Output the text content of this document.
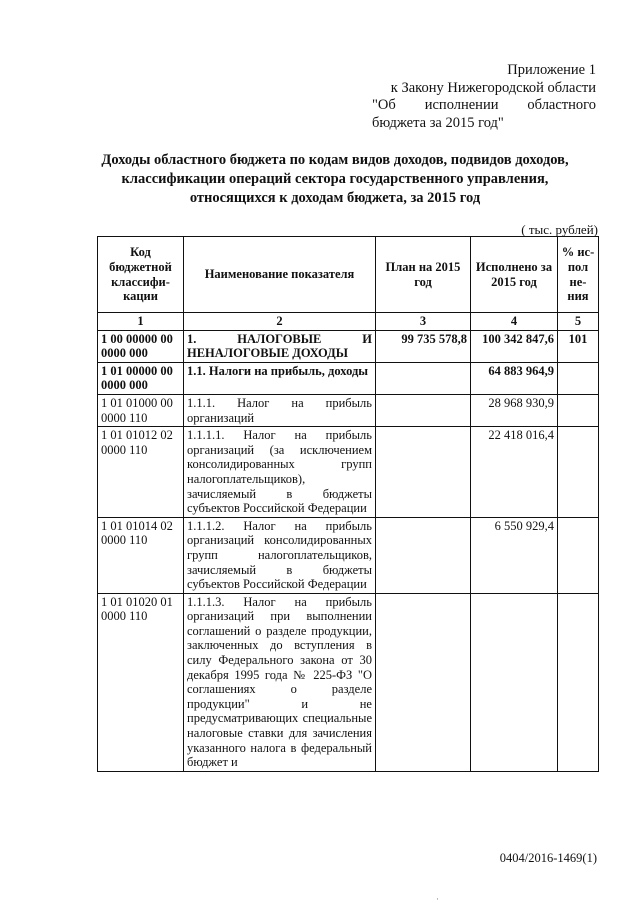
Приложение 1
к Закону Нижегородской области
"Об исполнении областного
бюджета за 2015 год"
Доходы областного бюджета по кодам видов доходов, подвидов доходов, классификации операций сектора государственного управления, относящихся к доходам бюджета, за 2015 год
( тыс. рублей)
Код бюджетной классифи-кации	Наименование показателя	План на 2015 год	Исполнено за 2015 год	% ис-пол не-ния
1	2	3	4	5
1 00 00000 00 0000 000	1. НАЛОГОВЫЕ И НЕНАЛОГОВЫЕ ДОХОДЫ	99 735 578,8	100 342 847,6	101
1 01 00000 00 0000 000	1.1. Налоги на прибыль, доходы		64 883 964,9	
1 01 01000 00 0000 110	1.1.1. Налог на прибыль организаций		28 968 930,9	
1 01 01012 02 0000 110	1.1.1.1. Налог на прибыль организаций (за исключением консолидированных групп налогоплательщиков), зачисляемый в бюджеты субъектов Российской Федерации		22 418 016,4	
1 01 01014 02 0000 110	1.1.1.2. Налог на прибыль организаций консолидированных групп налогоплательщиков, зачисляемый в бюджеты субъектов Российской Федерации		6 550 929,4	
1 01 01020 01 0000 110	1.1.1.3. Налог на прибыль организаций при выполнении соглашений о разделе продукции, заключенных до вступления в силу Федерального закона от 30 декабря 1995 года № 225-ФЗ "О соглашениях о разделе продукции" и не предусматривающих специальные налоговые ставки для зачисления указанного налога в федеральный бюджет и			
0404/2016-1469(1)
·
